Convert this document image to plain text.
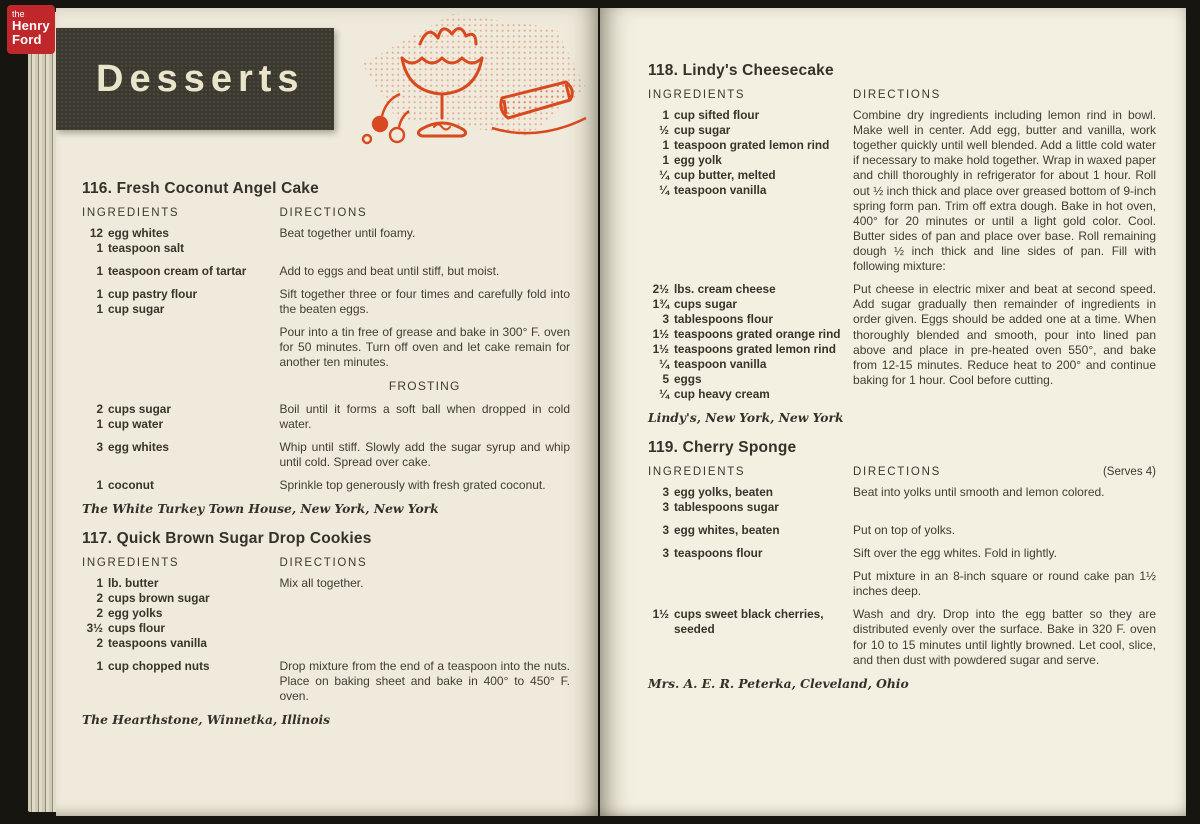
the
Henry
Ford
Desserts
116. Fresh Coconut Angel Cake
INGREDIENTS	DIRECTIONS
12 egg whites
1 teaspoon salt
Beat together until foamy.
1 teaspoon cream of tartar	Add to eggs and beat until stiff, but moist.
1 cup pastry flour
1 cup sugar
Sift together three or four times and carefully fold into the beaten eggs.
Pour into a tin free of grease and bake in 300° F. oven for 50 minutes. Turn off oven and let cake remain for another ten minutes.
FROSTING
2 cups sugar
1 cup water
Boil until it forms a soft ball when dropped in cold water.
3 egg whites	Whip until stiff. Slowly add the sugar syrup and whip until cold. Spread over cake.
1 coconut	Sprinkle top generously with fresh grated coconut.
The White Turkey Town House, New York, New York
117. Quick Brown Sugar Drop Cookies
INGREDIENTS	DIRECTIONS
1 lb. butter
2 cups brown sugar
2 egg yolks
3½ cups flour
2 teaspoons vanilla
Mix all together.
1 cup chopped nuts	Drop mixture from the end of a teaspoon into the nuts. Place on baking sheet and bake in 400° to 450° F. oven.
The Hearthstone, Winnetka, Illinois
118. Lindy's Cheesecake
INGREDIENTS	DIRECTIONS
1 cup sifted flour
½ cup sugar
1 teaspoon grated lemon rind
1 egg yolk
¼ cup butter, melted
¼ teaspoon vanilla
Combine dry ingredients including lemon rind in bowl. Make well in center. Add egg, butter and vanilla, work together quickly until well blended. Add a little cold water if necessary to make hold together. Wrap in waxed paper and chill thoroughly in refrigerator for about 1 hour. Roll out ½ inch thick and place over greased bottom of 9-inch spring form pan. Trim off extra dough. Bake in hot oven, 400° for 20 minutes or until a light gold color. Cool. Butter sides of pan and place over base. Roll remaining dough ½ inch thick and line sides of pan. Fill with following mixture:
2½ lbs. cream cheese
1¾ cups sugar
3 tablespoons flour
1½ teaspoons grated orange rind
1½ teaspoons grated lemon rind
¼ teaspoon vanilla
5 eggs
¼ cup heavy cream
Put cheese in electric mixer and beat at second speed. Add sugar gradually then remainder of ingredients in order given. Eggs should be added one at a time. When thoroughly blended and smooth, pour into lined pan above and place in pre-heated oven 550°, and bake from 12-15 minutes. Reduce heat to 200° and continue baking for 1 hour. Cool before cutting.
Lindy's, New York, New York
119. Cherry Sponge
INGREDIENTS	DIRECTIONS	(Serves 4)
3 egg yolks, beaten
3 tablespoons sugar
Beat into yolks until smooth and lemon colored.
3 egg whites, beaten	Put on top of yolks.
3 teaspoons flour	Sift over the egg whites. Fold in lightly.
Put mixture in an 8-inch square or round cake pan 1½ inches deep.
1½ cups sweet black cherries, seeded
Wash and dry. Drop into the egg batter so they are distributed evenly over the surface. Bake in 320 F. oven for 10 to 15 minutes until lightly browned. Let cool, slice, and then dust with powdered sugar and serve.
Mrs. A. E. R. Peterka, Cleveland, Ohio
